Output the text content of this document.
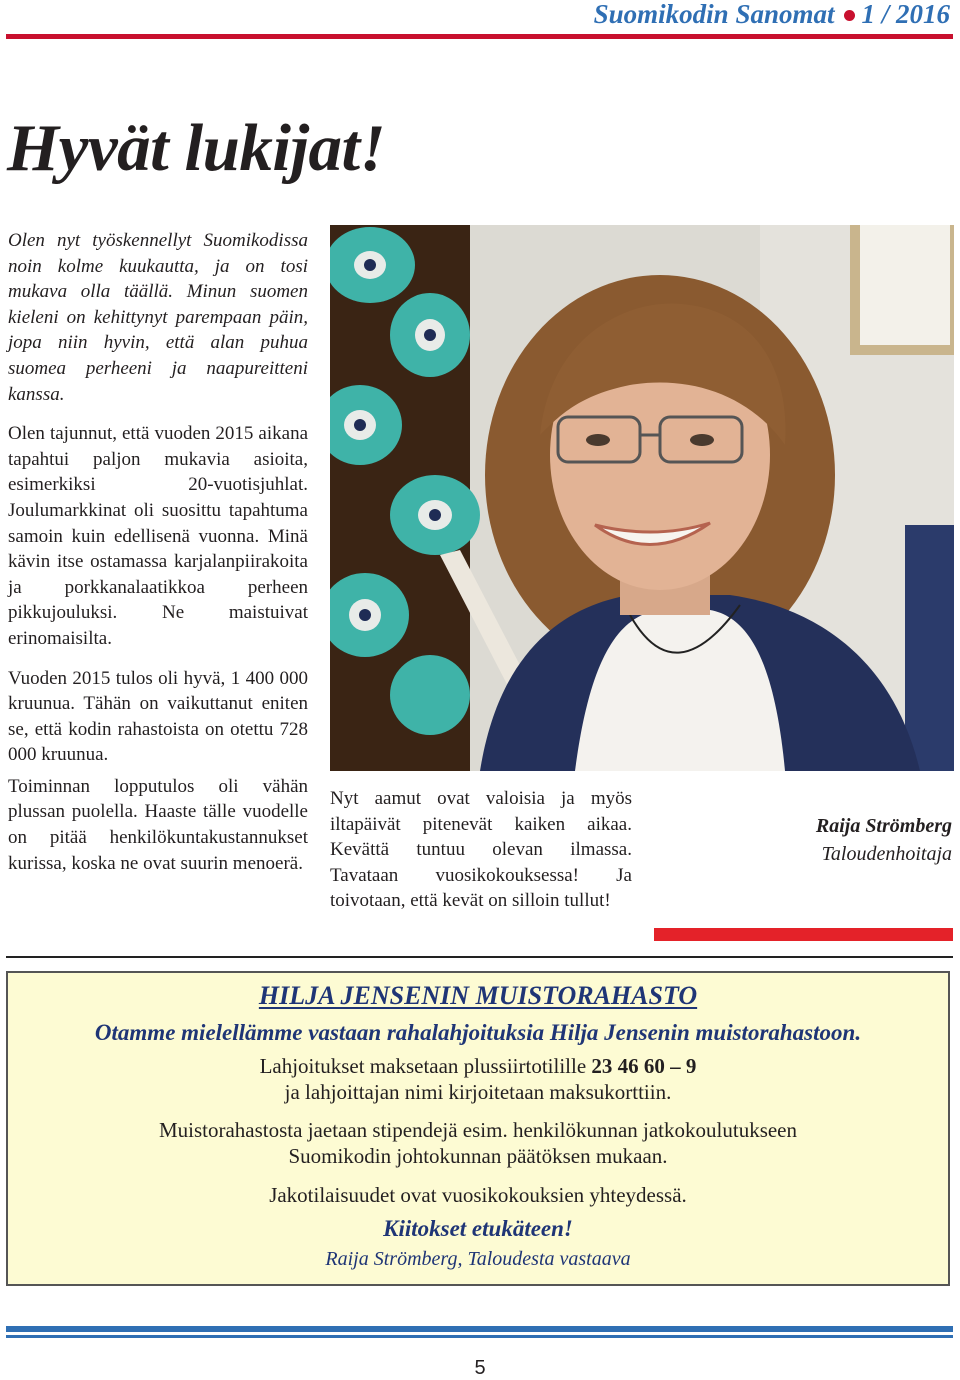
Suomikodin Sanomat 1 / 2016
Hyvät lukijat!

Olen nyt työskennellyt Suomikodissa noin kolme kuukautta, ja on tosi mukava olla täällä. Minun suomen kieleni on kehittynyt parempaan päin, jopa niin hyvin, että alan puhua suomea perheeni ja naapureitteni kanssa.

Olen tajunnut, että vuoden 2015 aikana tapahtui paljon mukavia asioita, esimerkiksi 20-vuotisjuhlat. Joulumarkkinat oli suosittu tapahtuma samoin kuin edellisenä vuonna. Minä kävin itse ostamassa karjalanpiirakoita ja porkkanalaatikkoa perheen pikkujouluksi. Ne maistuivat erinomaisilta.

Vuoden 2015 tulos oli hyvä, 1 400 000 kruunua. Tähän on vaikuttanut eniten se, että kodin rahastoista on otettu 728 000 kruunua.

Toiminnan lopputulos oli vähän plussan puolella. Haaste tälle vuodelle on pitää henkilökuntakustannukset kurissa, koska ne ovat suurin menoerä.

Nyt aamut ovat valoisia ja myös iltapäivät pitenevät kaiken aikaa. Kevättä tuntuu olevan ilmassa. Tavataan vuosikokouksessa! Ja toivotaan, että kevät on silloin tullut!

Raija Strömberg
Taloudenhoitaja
HILJA JENSENIN MUISTORAHASTO
Otamme mielellämme vastaan rahalahjoituksia Hilja Jensenin muistorahastoon.
Lahjoitukset maksetaan plussiirtotilille 23 46 60 – 9
ja lahjoittajan nimi kirjoitetaan maksukorttiin.
Muistorahastosta jaetaan stipendejä esim. henkilökunnan jatkokoulutukseen
Suomikodin johtokunnan päätöksen mukaan.
Jakotilaisuudet ovat vuosikokouksien yhteydessä.
Kiitokset etukäteen!
Raija Strömberg, Taloudesta vastaava
5
